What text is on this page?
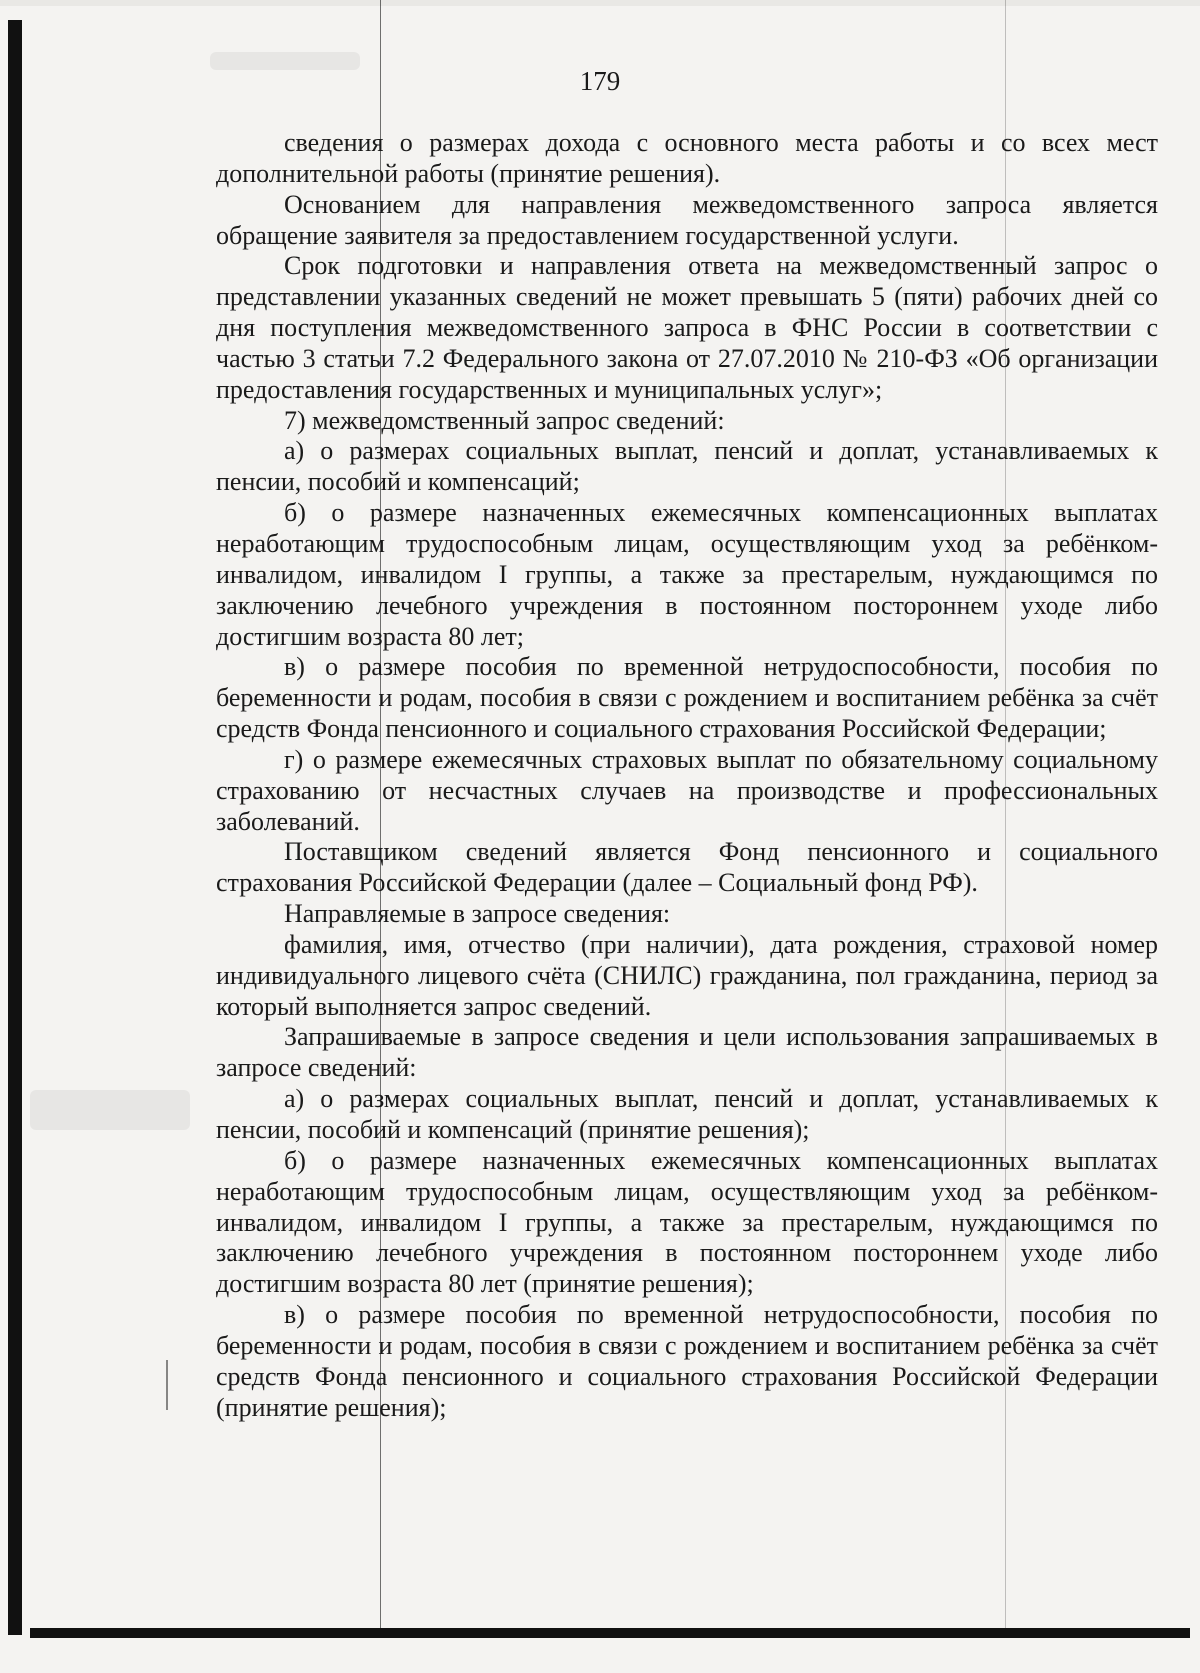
179

сведения о размерах дохода с основного места работы и со всех мест дополнительной работы (принятие решения).

Основанием для направления межведомственного запроса является обращение заявителя за предоставлением государственной услуги.

Срок подготовки и направления ответа на межведомственный запрос о представлении указанных сведений не может превышать 5 (пяти) рабочих дней со дня поступления межведомственного запроса в ФНС России в соответствии с частью 3 статьи 7.2 Федерального закона от 27.07.2010 № 210-ФЗ «Об организации предоставления государственных и муниципальных услуг»;

7) межведомственный запрос сведений:

а) о размерах социальных выплат, пенсий и доплат, устанавливаемых к пенсии, пособий и компенсаций;

б) о размере назначенных ежемесячных компенсационных выплатах неработающим трудоспособным лицам, осуществляющим уход за ребёнком-инвалидом, инвалидом I группы, а также за престарелым, нуждающимся по заключению лечебного учреждения в постоянном постороннем уходе либо достигшим возраста 80 лет;

в) о размере пособия по временной нетрудоспособности, пособия по беременности и родам, пособия в связи с рождением и воспитанием ребёнка за счёт средств Фонда пенсионного и социального страхования Российской Федерации;

г) о размере ежемесячных страховых выплат по обязательному социальному страхованию от несчастных случаев на производстве и профессиональных заболеваний.

Поставщиком сведений является Фонд пенсионного и социального страхования Российской Федерации (далее – Социальный фонд РФ).

Направляемые в запросе сведения:

фамилия, имя, отчество (при наличии), дата рождения, страховой номер индивидуального лицевого счёта (СНИЛС) гражданина, пол гражданина, период за который выполняется запрос сведений.

Запрашиваемые в запросе сведения и цели использования запрашиваемых в запросе сведений:

а) о размерах социальных выплат, пенсий и доплат, устанавливаемых к пенсии, пособий и компенсаций (принятие решения);

б) о размере назначенных ежемесячных компенсационных выплатах неработающим трудоспособным лицам, осуществляющим уход за ребёнком-инвалидом, инвалидом I группы, а также за престарелым, нуждающимся по заключению лечебного учреждения в постоянном постороннем уходе либо достигшим возраста 80 лет (принятие решения);

в) о размере пособия по временной нетрудоспособности, пособия по беременности и родам, пособия в связи с рождением и воспитанием ребёнка за счёт средств Фонда пенсионного и социального страхования Российской Федерации (принятие решения);
